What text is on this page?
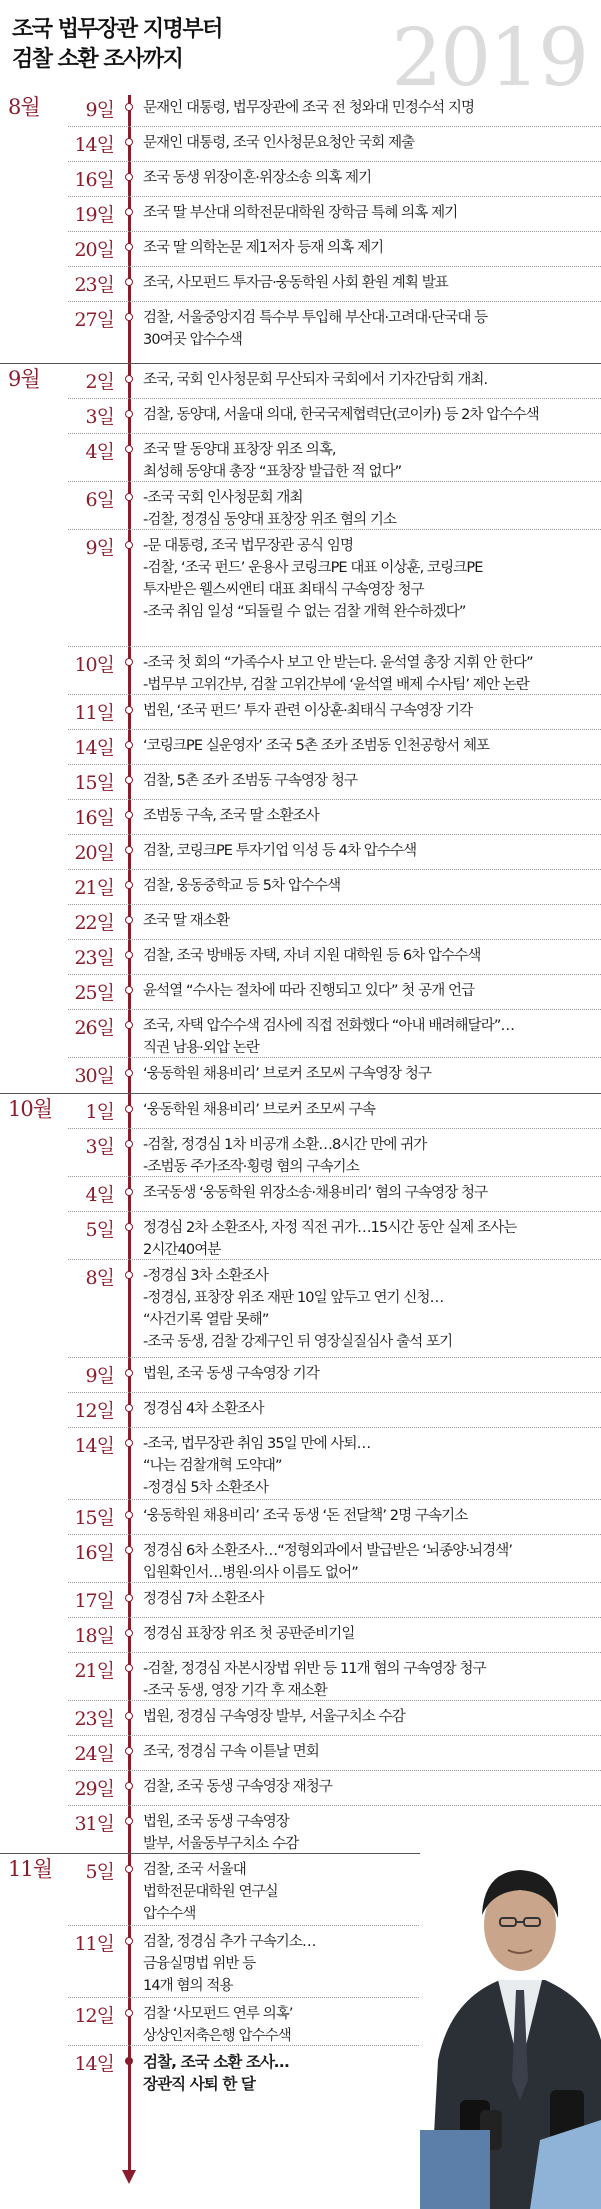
조국 법무장관 지명부터
검찰 소환 조사까지	2019
8월 9일 문재인 대통령, 법무장관에 조국 전 청와대 민정수석 지명
14일 문재인 대통령, 조국 인사청문요청안 국회 제출
16일 조국 동생 위장이혼·위장소송 의혹 제기
19일 조국 딸 부산대 의학전문대학원 장학금 특혜 의혹 제기
20일 조국 딸 의학논문 제1저자 등재 의혹 제기
23일 조국, 사모펀드 투자금·웅동학원 사회 환원 계획 발표
27일 검찰, 서울중앙지검 특수부 투입해 부산대·고려대·단국대 등
30여곳 압수수색
9월 2일 조국, 국회 인사청문회 무산되자 국회에서 기자간담회 개최.
3일 검찰, 동양대, 서울대 의대, 한국국제협력단(코이카) 등 2차 압수수색
4일 조국 딸 동양대 표창장 위조 의혹,
최성해 동양대 총장 “표창장 발급한 적 없다”
6일 -조국 국회 인사청문회 개최
-검찰, 정경심 동양대 표창장 위조 혐의 기소
9일 -문 대통령, 조국 법무장관 공식 임명
-검찰, ‘조국 펀드’ 운용사 코링크PE 대표 이상훈, 코링크PE
투자받은 웰스씨앤티 대표 최태식 구속영장 청구
-조국 취임 일성 “되돌릴 수 없는 검찰 개혁 완수하겠다”
10일 -조국 첫 회의 “가족수사 보고 안 받는다. 윤석열 총장 지휘 안 한다”
-법무부 고위간부, 검찰 고위간부에 ‘윤석열 배제 수사팀’ 제안 논란
11일 법원, ‘조국 펀드’ 투자 관련 이상훈·최태식 구속영장 기각
14일 ‘코링크PE 실운영자’ 조국 5촌 조카 조범동 인천공항서 체포
15일 검찰, 5촌 조카 조범동 구속영장 청구
16일 조범동 구속, 조국 딸 소환조사
20일 검찰, 코링크PE 투자기업 익성 등 4차 압수수색
21일 검찰, 웅동중학교 등 5차 압수수색
22일 조국 딸 재소환
23일 검찰, 조국 방배동 자택, 자녀 지원 대학원 등 6차 압수수색
25일 윤석열 “수사는 절차에 따라 진행되고 있다” 첫 공개 언급
26일 조국, 자택 압수수색 검사에 직접 전화했다 “아내 배려해달라”…
직권 남용·외압 논란
30일 ‘웅동학원 채용비리’ 브로커 조모씨 구속영장 청구
10월 1일 ‘웅동학원 채용비리’ 브로커 조모씨 구속
3일 -검찰, 정경심 1차 비공개 소환…8시간 만에 귀가
-조범동 주가조작·횡령 혐의 구속기소
4일 조국동생 ‘웅동학원 위장소송·채용비리’ 혐의 구속영장 청구
5일 정경심 2차 소환조사, 자정 직전 귀가…15시간 동안 실제 조사는
2시간40여분
8일 -정경심 3차 소환조사
-정경심, 표창장 위조 재판 10일 앞두고 연기 신청…
“사건기록 열람 못해”
-조국 동생, 검찰 강제구인 뒤 영장실질심사 출석 포기
9일 법원, 조국 동생 구속영장 기각
12일 정경심 4차 소환조사
14일 -조국, 법무장관 취임 35일 만에 사퇴…
“나는 검찰개혁 도약대”
-정경심 5차 소환조사
15일 ‘웅동학원 채용비리’ 조국 동생 ‘돈 전달책’ 2명 구속기소
16일 정경심 6차 소환조사…“정형외과에서 발급받은 ‘뇌종양·뇌경색’
입원확인서…병원·의사 이름도 없어”
17일 정경심 7차 소환조사
18일 정경심 표창장 위조 첫 공판준비기일
21일 -검찰, 정경심 자본시장법 위반 등 11개 혐의 구속영장 청구
-조국 동생, 영장 기각 후 재소환
23일 법원, 정경심 구속영장 발부, 서울구치소 수감
24일 조국, 정경심 구속 이튿날 면회
29일 검찰, 조국 동생 구속영장 재청구
31일 법원, 조국 동생 구속영장
발부, 서울동부구치소 수감
11월 5일 검찰, 조국 서울대
법학전문대학원 연구실
압수수색
11일 검찰, 정경심 추가 구속기소…
금융실명법 위반 등
14개 혐의 적용
12일 검찰 ‘사모펀드 연루 의혹’
상상인저축은행 압수수색
14일 검찰, 조국 소환 조사…
장관직 사퇴 한 달
